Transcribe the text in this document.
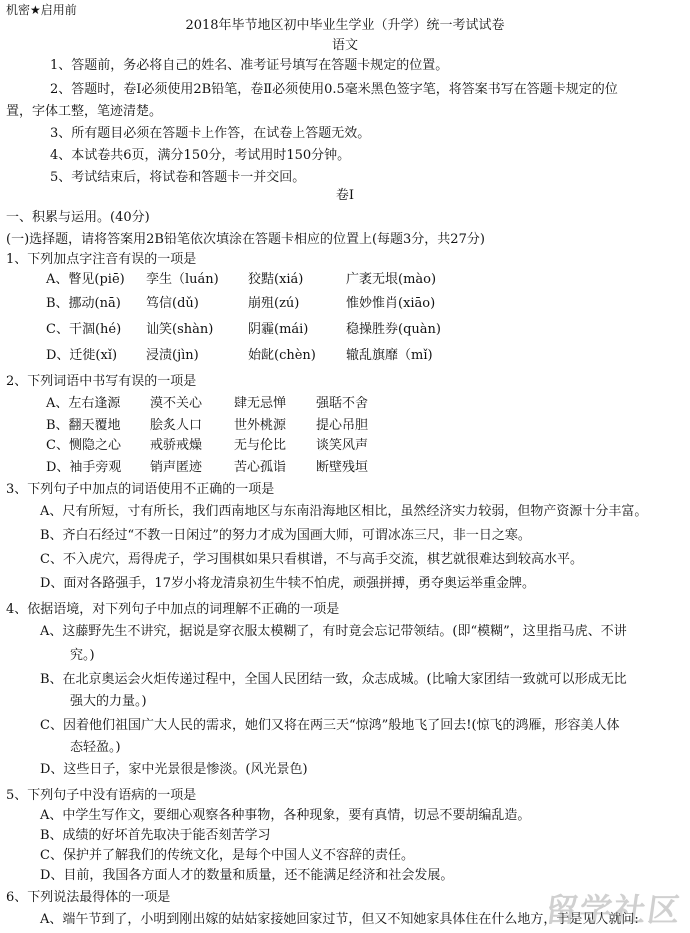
机密★启用前
2018年毕节地区初中毕业生学业（升学）统一考试试卷
语文
1、答题前，务必将自己的姓名、准考证号填写在答题卡规定的位置。
2、答题时，卷Ⅰ必须使用2B铅笔，卷Ⅱ必须使用0.5毫米黑色签字笔，将答案书写在答题卡规定的位
置，字体工整，笔迹清楚。
3、所有题目必须在答题卡上作答，在试卷上答题无效。
4、本试卷共6页，满分150分，考试用时150分钟。
5、考试结束后，将试卷和答题卡一并交回。
卷Ⅰ
一、积累与运用。(40分)
(一)选择题，请将答案用2B铅笔依次填涂在答题卡相应的位置上(每题3分，共27分)
1、下列加点字注音有误的一项是
A、瞥见(piē) 孪生（luán) 狡黠(xiá)	广袤无垠(mào)
B、挪动(nā) 笃信(dǔ)	崩殂(zú)	惟妙惟肖(xiāo)
C、干涸(hé) 讪笑(shàn)	阴霾(mái)	稳操胜券(quàn)
D、迁徙(xǐ) 浸渍(jìn)	始龀(chèn) 辙乱旗靡（mǐ)
2、下列词语中书写有误的一项是
A、左右逢源 漠不关心 肆无忌惮 强聒不舍
B、翻天覆地 脍炙人口 世外桃源 提心吊胆
C、恻隐之心 戒骄戒燥 无与伦比 谈笑风声
D、袖手旁观 销声匿迹 苦心孤诣 断壁残垣
3、下列句子中加点的词语使用不正确的一项是
A、尺有所短，寸有所长，我们西南地区与东南沿海地区相比，虽然经济实力较弱，但物产资源十分丰富。
B、齐白石经过“不教一日闲过”的努力才成为国画大师，可谓冰冻三尺，非一日之寒。
C、不入虎穴，焉得虎子，学习围棋如果只看棋谱，不与高手交流，棋艺就很难达到较高水平。
D、面对各路强手，17岁小将龙清泉初生牛犊不怕虎，顽强拼搏，勇夺奥运举重金牌。
4、依据语境，对下列句子中加点的词理解不正确的一项是
A、这藤野先生不讲究，据说是穿衣服太模糊了，有时竟会忘记带领结。(即“模糊”，这里指马虎、不讲
究。)
B、在北京奥运会火炬传递过程中，全国人民团结一致，众志成城。(比喻大家团结一致就可以形成无比
强大的力量。)
C、因着他们祖国广大人民的需求，她们又将在两三天“惊鸿”般地飞了回去!(惊飞的鸿雁，形容美人体
态轻盈。)
D、这些日子，家中光景很是惨淡。(风光景色)
5、下列句子中没有语病的一项是
A、中学生写作文，要细心观察各种事物，各种现象，要有真情，切忌不要胡编乱造。
B、成绩的好坏首先取决于能否刻苦学习
C、保护并了解我们的传统文化，是每个中国人义不容辞的责任。
D、目前，我国各方面人才的数量和质量，还不能满足经济和社会发展。
6、下列说法最得体的一项是
A、端午节到了，小明到刚出嫁的姑姑家接她回家过节，但又不知她家具体住在什么地方，于是见人就问:
留学社区
